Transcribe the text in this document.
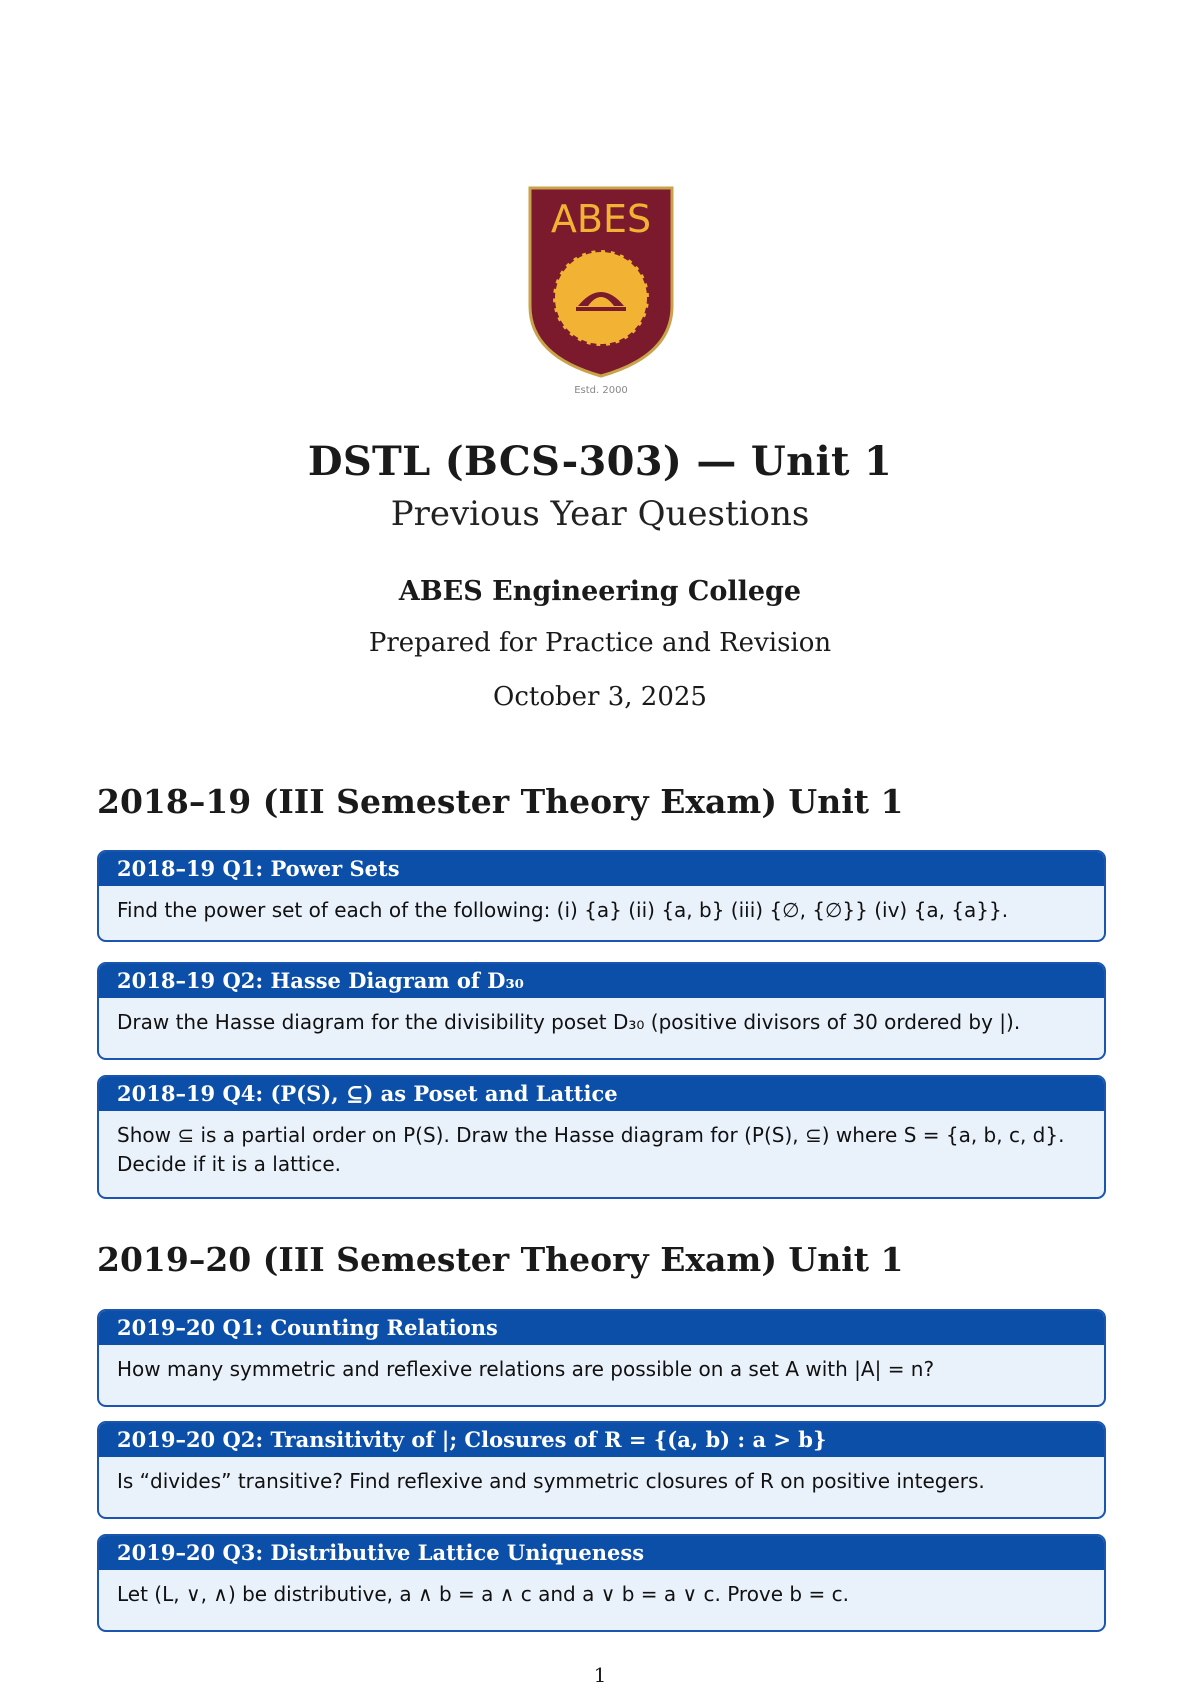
ABES
Estd. 2000
DSTL (BCS-303) — Unit 1
Previous Year Questions
ABES Engineering College
Prepared for Practice and Revision
October 3, 2025
2018–19 (III Semester Theory Exam) Unit 1
2018–19 Q1: Power Sets
Find the power set of each of the following: (i) {a} (ii) {a, b} (iii) {∅, {∅}} (iv) {a, {a}}.
2018–19 Q2: Hasse Diagram of D₃₀
Draw the Hasse diagram for the divisibility poset D₃₀ (positive divisors of 30 ordered by |).
2018–19 Q4: (P(S), ⊆) as Poset and Lattice
Show ⊆ is a partial order on P(S). Draw the Hasse diagram for (P(S), ⊆) where S = {a, b, c, d}. Decide if it is a lattice.
2019–20 (III Semester Theory Exam) Unit 1
2019–20 Q1: Counting Relations
How many symmetric and reflexive relations are possible on a set A with |A| = n?
2019–20 Q2: Transitivity of |; Closures of R = {(a, b) : a > b}
Is “divides” transitive? Find reflexive and symmetric closures of R on positive integers.
2019–20 Q3: Distributive Lattice Uniqueness
Let (L, ∨, ∧) be distributive, a ∧ b = a ∧ c and a ∨ b = a ∨ c. Prove b = c.
1
